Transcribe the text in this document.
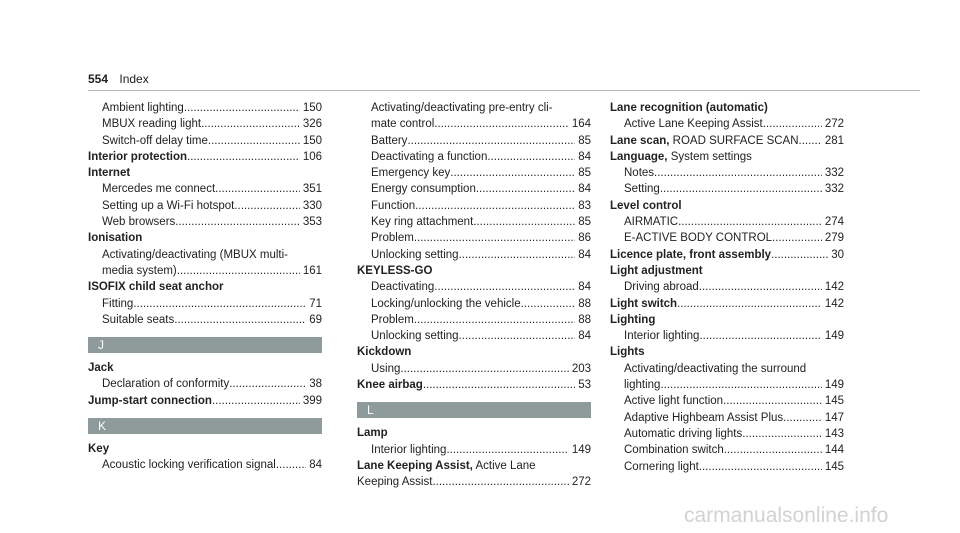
554 Index
Ambient lighting .....	150
MBUX reading light .....	326
Switch-off delay time .....	150
Interior protection .....	106
Internet
Mercedes me connect .....	351
Setting up a Wi-Fi hotspot .....	330
Web browsers .....	353
Ionisation
Activating/deactivating (MBUX multi-
media system) .....	161
ISOFIX child seat anchor
Fitting .....	71
Suitable seats .....	69
J
Jack
Declaration of conformity .....	38
Jump-start connection .....	399
K
Key
Acoustic locking verification signal .....	84
Activating/deactivating pre-entry cli-
mate control .....	164
Battery .....	85
Deactivating a function .....	84
Emergency key .....	85
Energy consumption .....	84
Function .....	83
Key ring attachment .....	85
Problem .....	86
Unlocking setting .....	84
KEYLESS-GO
Deactivating .....	84
Locking/unlocking the vehicle .....	88
Problem .....	88
Unlocking setting .....	84
Kickdown
Using .....	203
Knee airbag .....	53
L
Lamp
Interior lighting .....	149
Lane Keeping Assist, Active Lane
Keeping Assist .....	272
Lane recognition (automatic)
Active Lane Keeping Assist .....	272
Lane scan, ROAD SURFACE SCAN ..... 281
Language, System settings
Notes .....	332
Setting .....	332
Level control
AIRMATIC .....	274
E-ACTIVE BODY CONTROL .....	279
Licence plate, front assembly .....	30
Light adjustment
Driving abroad .....	142
Light switch .....	142
Lighting
Interior lighting .....	149
Lights
Activating/deactivating the surround
lighting .....	149
Active light function .....	145
Adaptive Highbeam Assist Plus .....	147
Automatic driving lights .....	143
Combination switch .....	144
Cornering light .....	145
carmanualsonline.info
